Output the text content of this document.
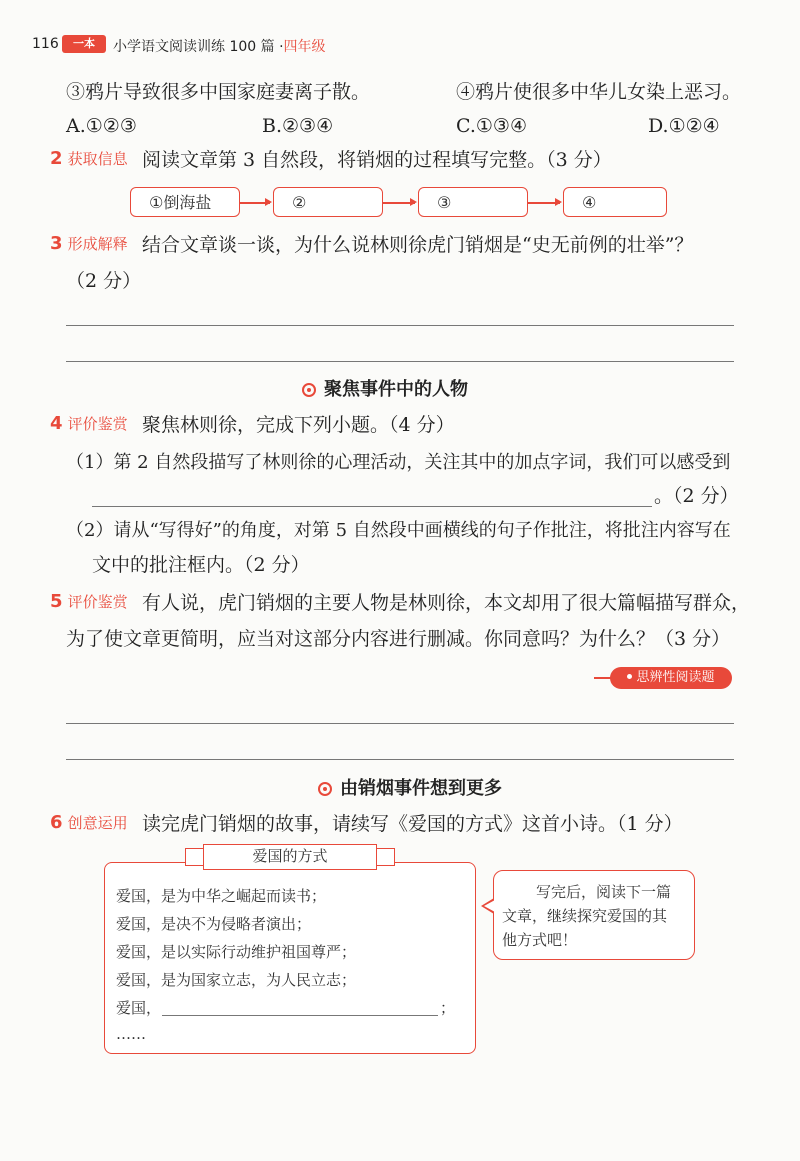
116	一本	小学语文阅读训练 100 篇 ·四年级
③鸦片导致很多中国家庭妻离子散。	④鸦片使很多中华儿女染上恶习。
A.①②③	B.②③④	C.①③④	D.①②④
2 获取信息 阅读文章第 3 自然段，将销烟的过程填写完整。（3 分）
①倒海盐	②	③	④
3 形成解释 结合文章谈一谈，为什么说林则徐虎门销烟是“史无前例的壮举”？
（2 分）
聚焦事件中的人物
4 评价鉴赏 聚焦林则徐，完成下列小题。（4 分）
（1）第 2 自然段描写了林则徐的心理活动，关注其中的加点字词，我们可以感受到
。（2 分）
（2）请从“写得好”的角度，对第 5 自然段中画横线的句子作批注，将批注内容写在
文中的批注框内。（2 分）
5 评价鉴赏 有人说，虎门销烟的主要人物是林则徐，本文却用了很大篇幅描写群众，
为了使文章更简明，应当对这部分内容进行删减。你同意吗？为什么？（3 分）
思辨性阅读题
由销烟事件想到更多
6 创意运用 读完虎门销烟的故事，请续写《爱国的方式》这首小诗。（1 分）
爱国的方式
爱国，是为中华之崛起而读书；
爱国，是决不为侵略者演出；
爱国，是以实际行动维护祖国尊严；
爱国，是为国家立志，为人民立志；
爱国，	；
……
写完后，阅读下一篇
文章，继续探究爱国的其
他方式吧！
